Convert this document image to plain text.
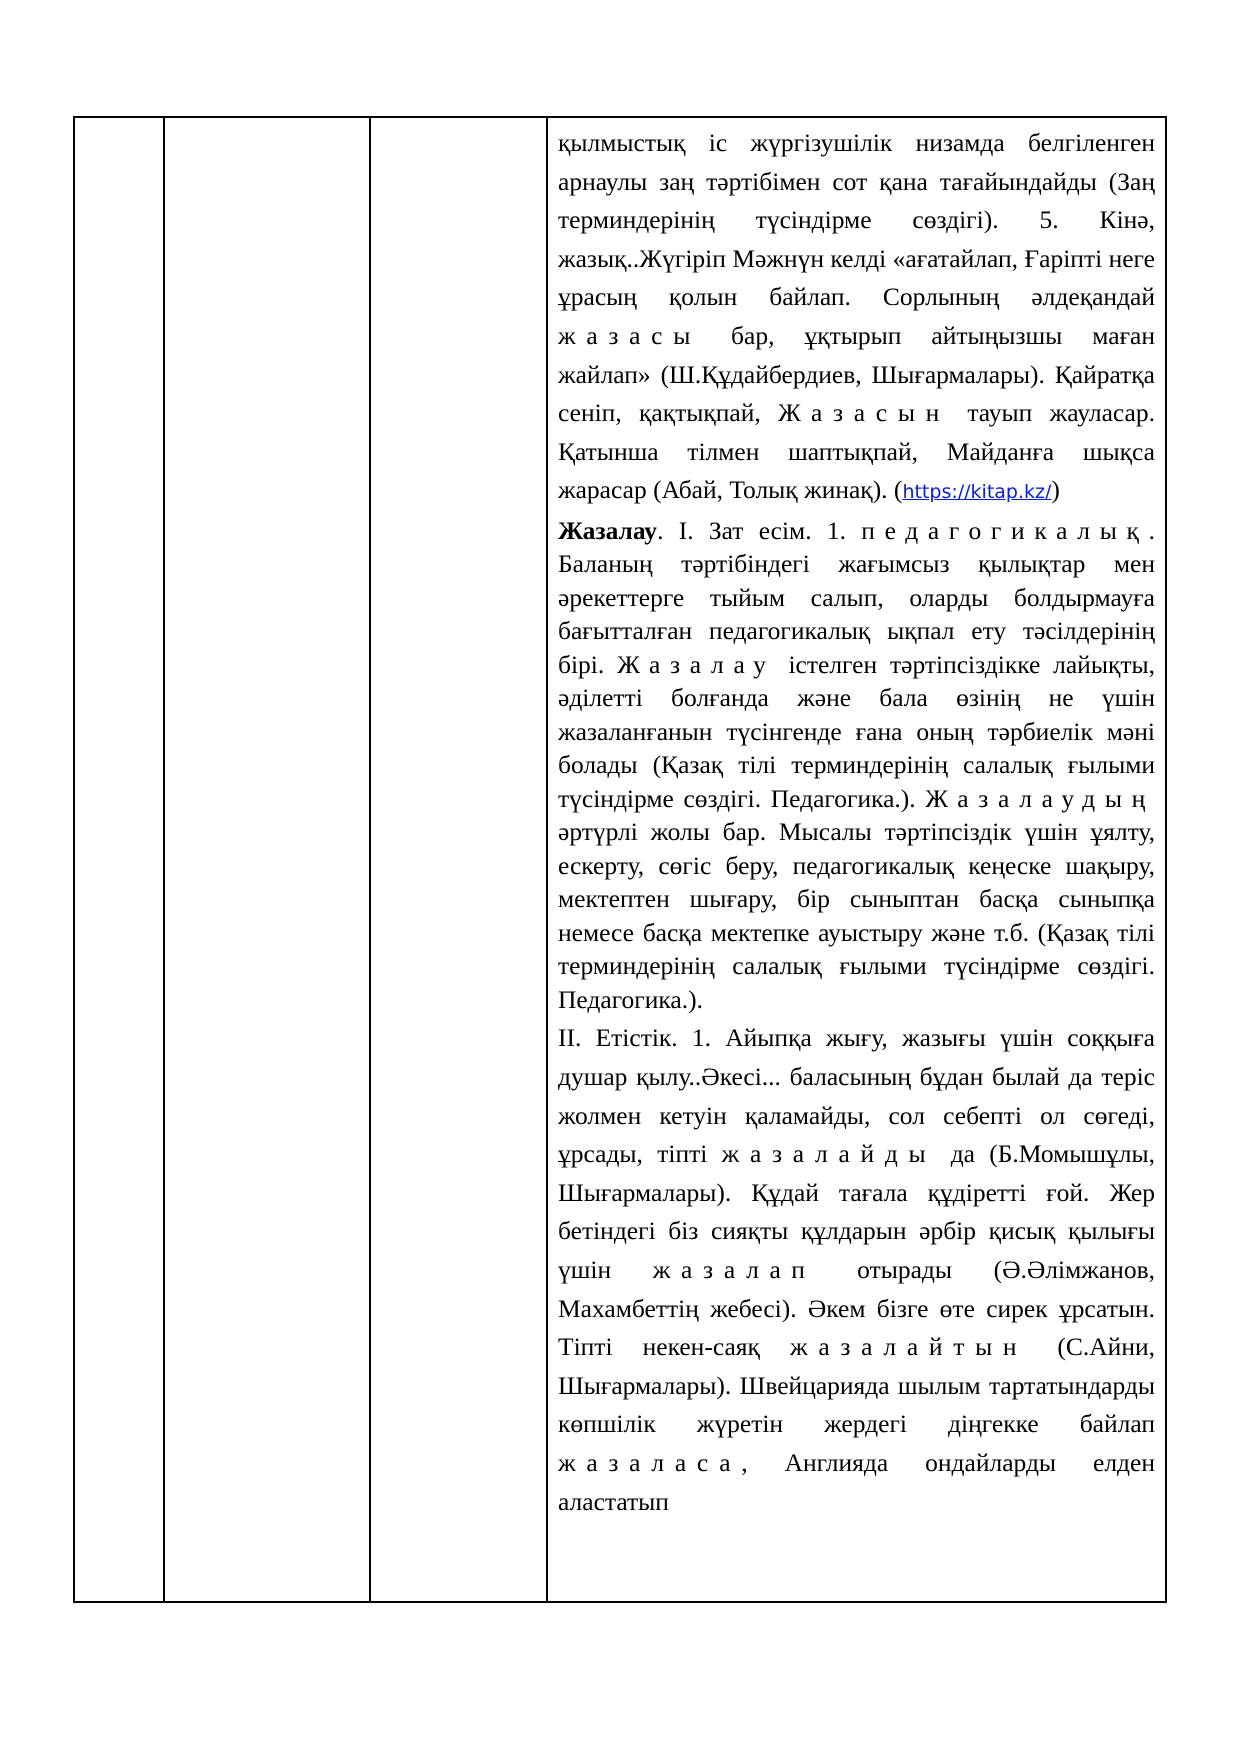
қылмыстық іс жүргізушілік низамда белгіленген арнаулы заң тәртібімен сот қана тағайындайды (Заң терминдерінің түсіндірме сөздігі). 5. Кінә, жазық..Жүгіріп Мәжнүн келді «ағатайлап, Ғаріпті неге ұрасың қолын байлап. Сорлының әлдеқандай жазасы бар, ұқтырып айтыңызшы маған жайлап» (Ш.Құдайбердиев, Шығармалары). Қайратқа сеніп, қақтықпай, Жазасын тауып жауласар. Қатынша тілмен шаптықпай, Майданға шықса жарасар (Абай, Толық жинақ). (https://kitap.kz/)

Жазалау. І. Зат есім. 1. педагогикалық. Баланың тәртібіндегі жағымсыз қылықтар мен әрекеттерге тыйым салып, оларды болдырмауға бағытталған педагогикалық ықпал ету тәсілдерінің бірі. Жазалау істелген тәртіпсіздікке лайықты, әділетті болғанда және бала өзінің не үшін жазаланғанын түсінгенде ғана оның тәрбиелік мәні болады (Қазақ тілі терминдерінің салалық ғылыми түсіндірме сөздігі. Педагогика.). Жазалаудың әртүрлі жолы бар. Мысалы тәртіпсіздік үшін ұялту, ескерту, сөгіс беру, педагогикалық кеңеске шақыру, мектептен шығару, бір сыныптан басқа сыныпқа немесе басқа мектепке ауыстыру және т.б. (Қазақ тілі терминдерінің салалық ғылыми түсіндірме сөздігі. Педагогика.).

ІІ. Етістік. 1. Айыпқа жығу, жазығы үшін соққыға душар қылу..Әкесі... баласының бұдан былай да теріс жолмен кетуін қаламайды, сол себепті ол сөгеді, ұрсады, тіпті жазалайды да (Б.Момышұлы, Шығармалары). Құдай тағала құдіретті ғой. Жер бетіндегі біз сияқты құлдарын әрбір қисық қылығы үшін жазалап отырады (Ә.Әлімжанов, Махамбеттің жебесі). Әкем бізге өте сирек ұрсатын. Тіпті некен-саяқ жазалайтын (С.Айни, Шығармалары). Швейцарияда шылым тартатындарды көпшілік жүретін жердегі діңгекке байлап жазаласа, Англияда ондайларды елден аластатып
